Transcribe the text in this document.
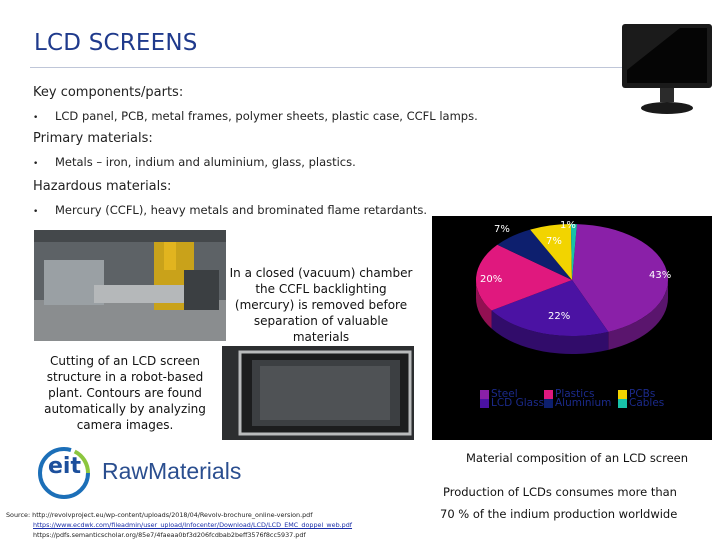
LCD SCREENS
Key components/parts:
• LCD panel, PCB, metal frames, polymer sheets, plastic case, CCFL lamps.
Primary materials:
• Metals – iron, indium and aluminium, glass, plastics.
Hazardous materials:
• Mercury (CCFL), heavy metals and brominated flame retardants.
In a closed (vacuum) chamber the CCFL backlighting (mercury) is removed before separation of valuable materials
Cutting of an LCD screen structure in a robot-based plant. Contours are found automatically by analyzing camera images.
7%	1%
7%
43%
20%
22%
Steel	Plastics	PCBs
LCD Glass Aluminium Cables
Material composition of an LCD screen
Production of LCDs consumes more than
70 % of the indium production worldwide
eit RawMaterials
Source: http://revolvproject.eu/wp-content/uploads/2018/04/Revolv-brochure_online-version.pdf
https://www.ecdwk.com/fileadmin/user_upload/Infocenter/Download/LCD/LCD_EMC_doppel_web.pdf
https://pdfs.semanticscholar.org/85e7/4faeaa0bf3d206fcdbab2beff3576f8cc5937.pdf
